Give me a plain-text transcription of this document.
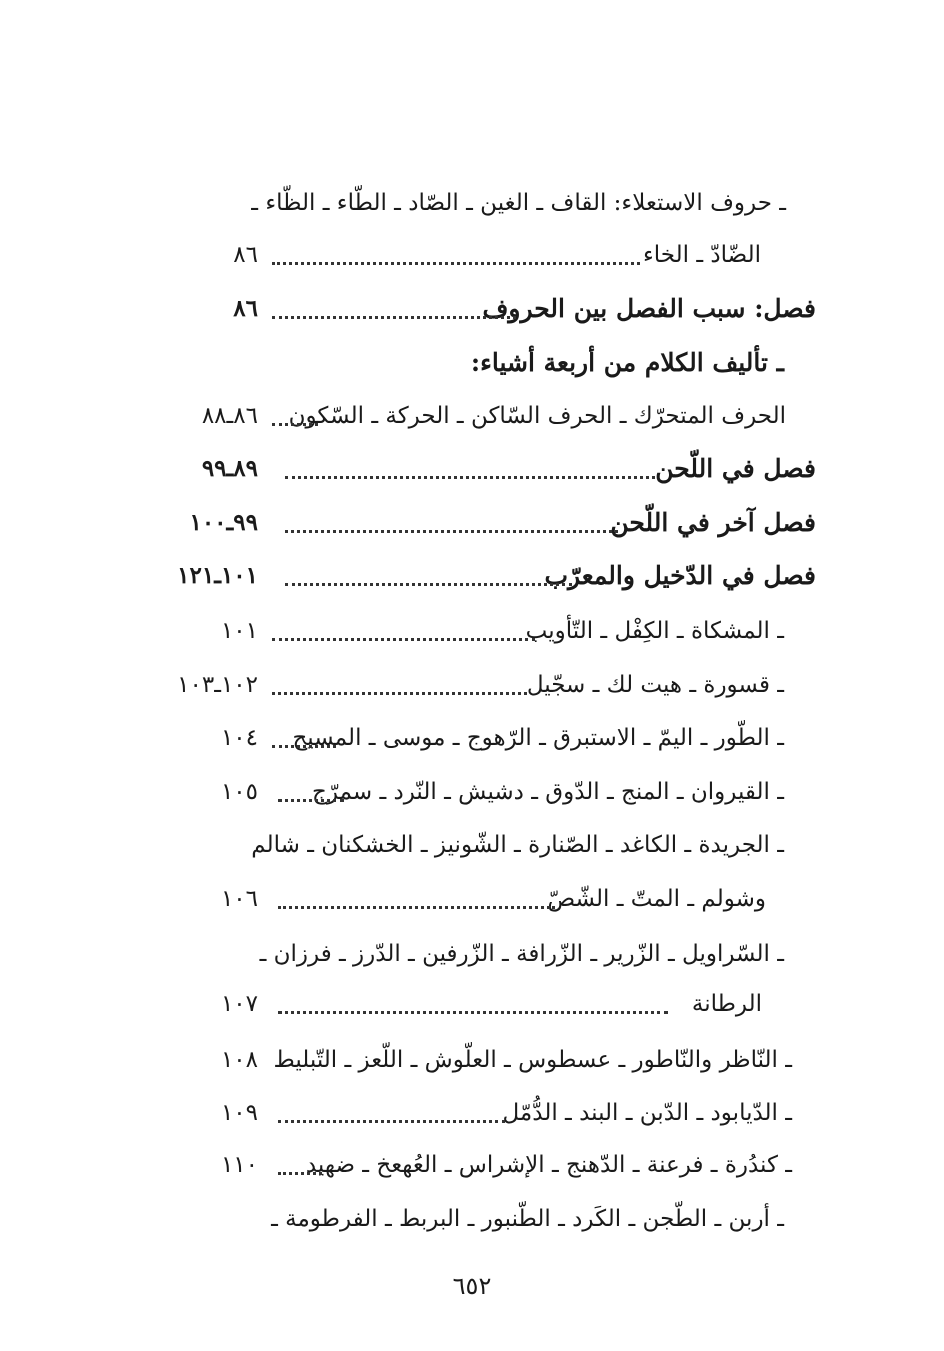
ـ حروف الاستعلاء: القاف ـ الغين ـ الصّاد ـ الطّاء ـ الظّاء ـ
الضّادّ ـ الخاء
٨٦
فصل: سبب الفصل بين الحروف
٨٦
ـ تأليف الكلام من أربعة أشياء:
الحرف المتحرّك ـ الحرف السّاكن ـ الحركة ـ السّكون
٨٦ـ٨٨
فصل في اللّحن
٨٩ـ٩٩
فصل آخر في اللّحن
٩٩ـ١٠٠
فصل في الدّخيل والمعرّب
١٠١ـ١٢١
ـ المشكاة ـ الكِفْل ـ التّأويب
١٠١
ـ قسورة ـ هيت لك ـ سجّيل
١٠٢ـ١٠٣
ـ الطّور ـ اليمّ ـ الاستبرق ـ الرّهوج ـ موسى ـ المسيح
١٠٤
ـ القيروان ـ المنج ـ الدّوق ـ دشيش ـ النّرد ـ سمرّج
١٠٥
ـ الجريدة ـ الكاغد ـ الصّنارة ـ الشّونيز ـ الخشكنان ـ شالم
وشولم ـ المتّ ـ الشّصّ
١٠٦
ـ السّراويل ـ الزّرير ـ الزّرافة ـ الزّرفين ـ الدّرز ـ فرزان ـ
الرطانة
١٠٧
ـ النّاظر والنّاطور ـ عسطوس ـ العلّوش ـ اللّعز ـ التّبليط
١٠٨
ـ الدّيابود ـ الدّبن ـ البند ـ الدُّمّل
١٠٩
ـ كندُرة ـ فرعنة ـ الدّهنج ـ الإشراس ـ العُهعخ ـ ضهيد
١١٠
ـ أربن ـ الطّجن ـ الكَرد ـ الطّنبور ـ البربط ـ الفرطومة ـ
٦٥٢
